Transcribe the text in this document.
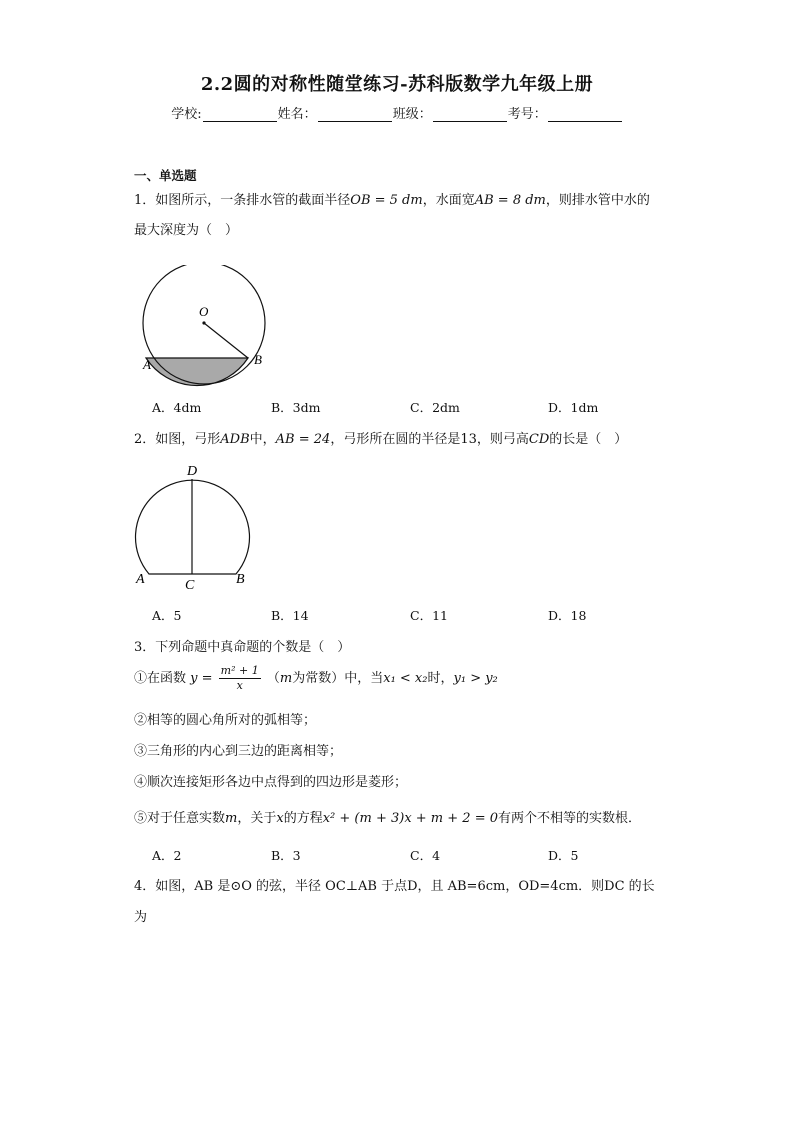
2.2圆的对称性随堂练习-苏科版数学九年级上册
学校:	姓名：	班级：	考号：
一、单选题
1．如图所示，一条排水管的截面半径OB = 5 dm，水面宽AB = 8 dm，则排水管中水的
最大深度为（　）
O
A	B
A．4dm	B．3dm	C．2dm	D．1dm
2．如图，弓形ADB中，AB = 24，弓形所在圆的半径是13，则弓高CD的长是（　）
D
A	B
C
A．5	B．14	C．11	D．18
3．下列命题中真命题的个数是（　）
①在函数 $y = \frac{\text{m² + 1}}{x} (m$为常数）中，当x₁ < x₂时，y₁ > y₂
②相等的圆心角所对的弧相等；
③三角形的内心到三边的距离相等；
④顺次连接矩形各边中点得到的四边形是菱形；
⑤对于任意实数m，关于x的方程x² + (m + 3)x + m + 2 = 0有两个不相等的实数根．
A．2	B．3	C．4	D．5
4．如图，AB 是⊙O 的弦，半径 OC⊥AB 于点D，且 AB=6cm，OD=4cm．则DC 的长
为
